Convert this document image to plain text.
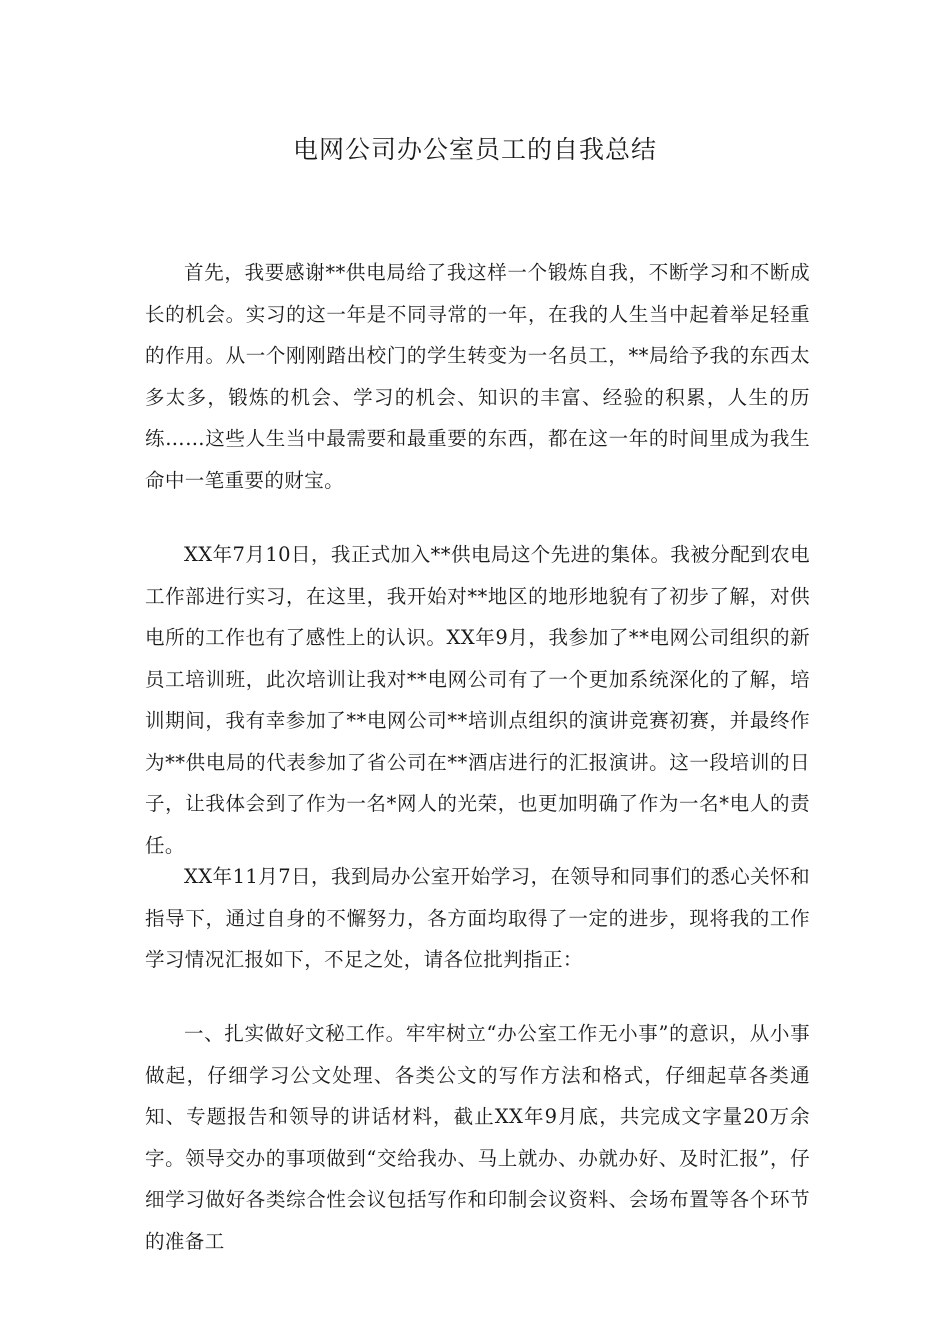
电网公司办公室员工的自我总结

首先，我要感谢**供电局给了我这样一个锻炼自我，不断学习和不断成长的机会。实习的这一年是不同寻常的一年，在我的人生当中起着举足轻重的作用。从一个刚刚踏出校门的学生转变为一名员工，**局给予我的东西太多太多，锻炼的机会、学习的机会、知识的丰富、经验的积累，人生的历练……这些人生当中最需要和最重要的东西，都在这一年的时间里成为我生命中一笔重要的财宝。

XX年7月10日，我正式加入**供电局这个先进的集体。我被分配到农电工作部进行实习，在这里，我开始对**地区的地形地貌有了初步了解，对供电所的工作也有了感性上的认识。XX年9月，我参加了**电网公司组织的新员工培训班，此次培训让我对**电网公司有了一个更加系统深化的了解，培训期间，我有幸参加了**电网公司**培训点组织的演讲竞赛初赛，并最终作为**供电局的代表参加了省公司在**酒店进行的汇报演讲。这一段培训的日子，让我体会到了作为一名*网人的光荣，也更加明确了作为一名*电人的责任。

XX年11月7日，我到局办公室开始学习，在领导和同事们的悉心关怀和指导下，通过自身的不懈努力，各方面均取得了一定的进步，现将我的工作学习情况汇报如下，不足之处，请各位批判指正：

一、扎实做好文秘工作。牢牢树立“办公室工作无小事”的意识，从小事做起，仔细学习公文处理、各类公文的写作方法和格式，仔细起草各类通知、专题报告和领导的讲话材料，截止XX年9月底，共完成文字量20万余字。领导交办的事项做到“交给我办、马上就办、办就办好、及时汇报”，仔细学习做好各类综合性会议包括写作和印制会议资料、会场布置等各个环节的准备工
